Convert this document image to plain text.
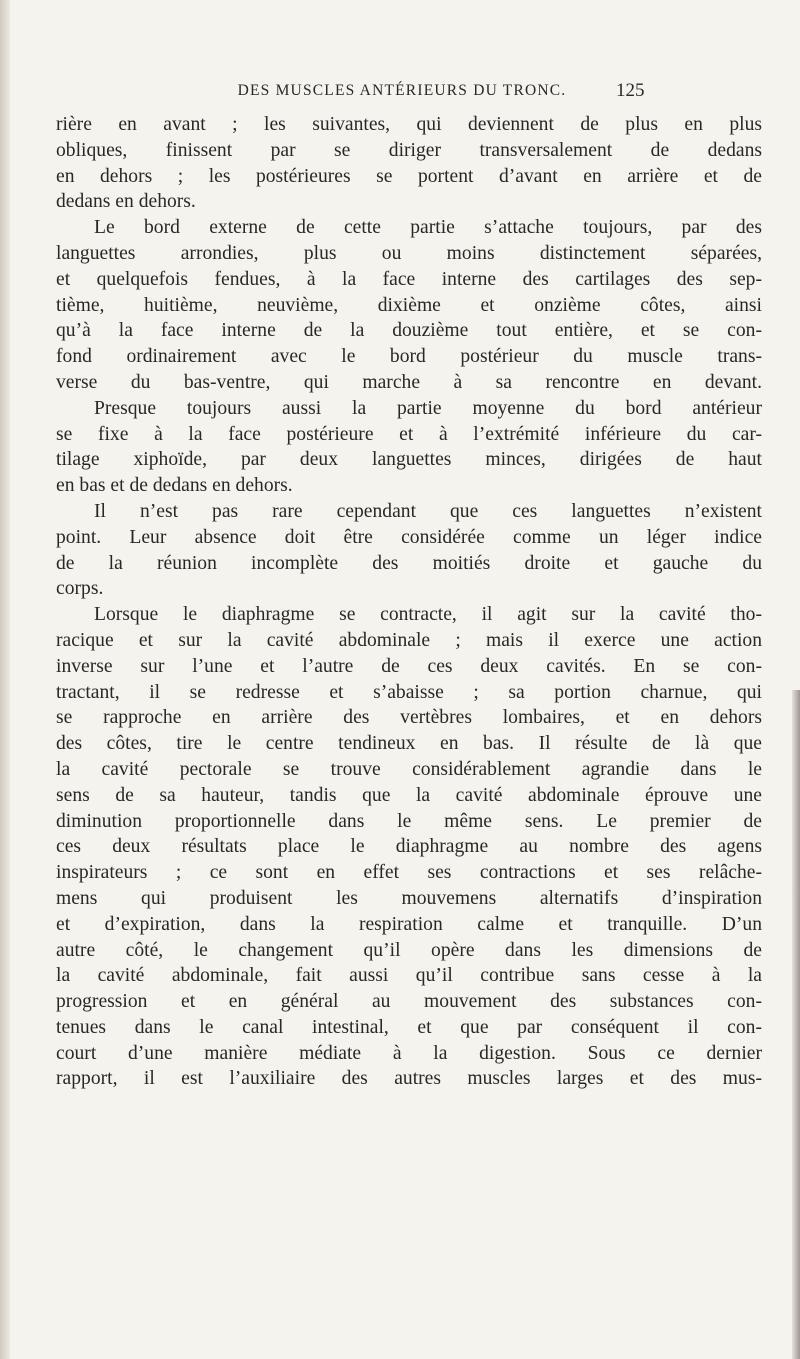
DES MUSCLES ANTÉRIEURS DU TRONC.	125
rière en avant ; les suivantes, qui deviennent de plus en plus
obliques, finissent par se diriger transversalement de dedans
en dehors ; les postérieures se portent d’avant en arrière et de
dedans en dehors.
Le bord externe de cette partie s’attache toujours, par des
languettes arrondies, plus ou moins distinctement séparées,
et quelquefois fendues, à la face interne des cartilages des sep-
tième, huitième, neuvième, dixième et onzième côtes, ainsi
qu’à la face interne de la douzième tout entière, et se con-
fond ordinairement avec le bord postérieur du muscle trans-
verse du bas-ventre, qui marche à sa rencontre en devant.
Presque toujours aussi la partie moyenne du bord antérieur
se fixe à la face postérieure et à l’extrémité inférieure du car-
tilage xiphoïde, par deux languettes minces, dirigées de haut
en bas et de dedans en dehors.
Il n’est pas rare cependant que ces languettes n’existent
point. Leur absence doit être considérée comme un léger indice
de la réunion incomplète des moitiés droite et gauche du
corps.
Lorsque le diaphragme se contracte, il agit sur la cavité tho-
racique et sur la cavité abdominale ; mais il exerce une action
inverse sur l’une et l’autre de ces deux cavités. En se con-
tractant, il se redresse et s’abaisse ; sa portion charnue, qui
se rapproche en arrière des vertèbres lombaires, et en dehors
des côtes, tire le centre tendineux en bas. Il résulte de là que
la cavité pectorale se trouve considérablement agrandie dans le
sens de sa hauteur, tandis que la cavité abdominale éprouve une
diminution proportionnelle dans le même sens. Le premier de
ces deux résultats place le diaphragme au nombre des agens
inspirateurs ; ce sont en effet ses contractions et ses relâche-
mens qui produisent les mouvemens alternatifs d’inspiration
et d’expiration, dans la respiration calme et tranquille. D’un
autre côté, le changement qu’il opère dans les dimensions de
la cavité abdominale, fait aussi qu’il contribue sans cesse à la
progression et en général au mouvement des substances con-
tenues dans le canal intestinal, et que par conséquent il con-
court d’une manière médiate à la digestion. Sous ce dernier
rapport, il est l’auxiliaire des autres muscles larges et des mus-
